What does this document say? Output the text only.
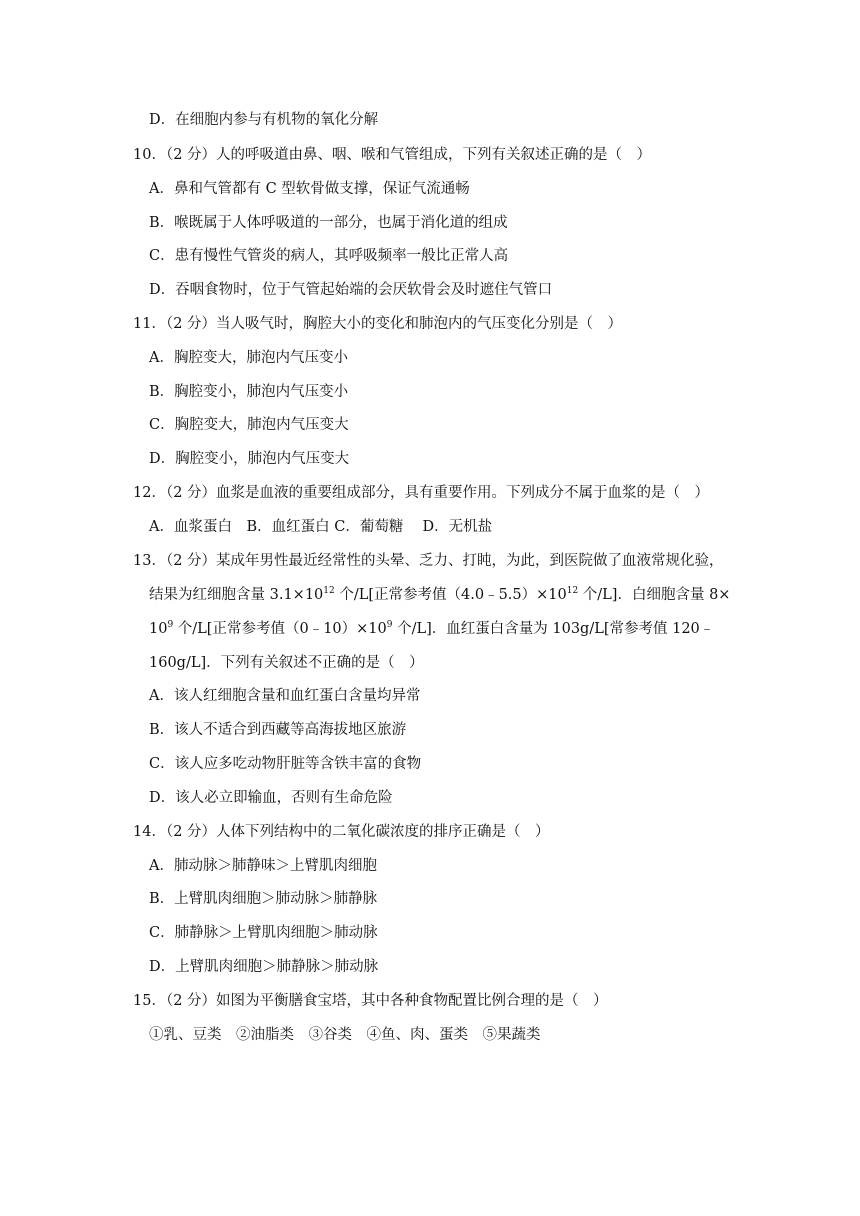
D．在细胞内参与有机物的氧化分解
10．（2 分）人的呼吸道由鼻、咽、喉和气管组成，下列有关叙述正确的是（　）
A．鼻和气管都有 C 型软骨做支撑，保证气流通畅
B．喉既属于人体呼吸道的一部分，也属于消化道的组成
C．患有慢性气管炎的病人，其呼吸频率一般比正常人高
D．吞咽食物时，位于气管起始端的会厌软骨会及时遮住气管口
11．（2 分）当人吸气时，胸腔大小的变化和肺泡内的气压变化分别是（　）
A．胸腔变大，肺泡内气压变小
B．胸腔变小，肺泡内气压变小
C．胸腔变大，肺泡内气压变大
D．胸腔变小，肺泡内气压变大
12．（2 分）血浆是血液的重要组成部分，具有重要作用。下列成分不属于血浆的是（　）
A．血浆蛋白　B．血红蛋白 C．葡萄糖　 D．无机盐
13．（2 分）某成年男性最近经常性的头晕、乏力、打盹，为此，到医院做了血液常规化验，
结果为红细胞含量 $3.1\times 10^{12}$ 个/L[正常参考值$(4.0﹣5.5)\times 10^{12}$ 个/L]．白细胞含量 8×
$10^9$ 个/L[正常参考值$(0﹣10)\times 10^9$ 个/L]．血红蛋白含量为 103g/L[常参考值 120﹣
160g/L]．下列有关叙述不正确的是（　）
A．该人红细胞含量和血红蛋白含量均异常
B．该人不适合到西藏等高海拔地区旅游
C．该人应多吃动物肝脏等含铁丰富的食物
D．该人必立即输血，否则有生命危险
14．（2 分）人体下列结构中的二氧化碳浓度的排序正确是（　）
A．肺动脉＞肺静味＞上臂肌肉细胞
B．上臂肌肉细胞＞肺动脉＞肺静脉
C．肺静脉＞上臂肌肉细胞＞肺动脉
D．上臂肌肉细胞＞肺静脉＞肺动脉
15．（2 分）如图为平衡膳食宝塔，其中各种食物配置比例合理的是（　）
①乳、豆类　②油脂类　③谷类　④鱼、肉、蛋类　⑤果蔬类
